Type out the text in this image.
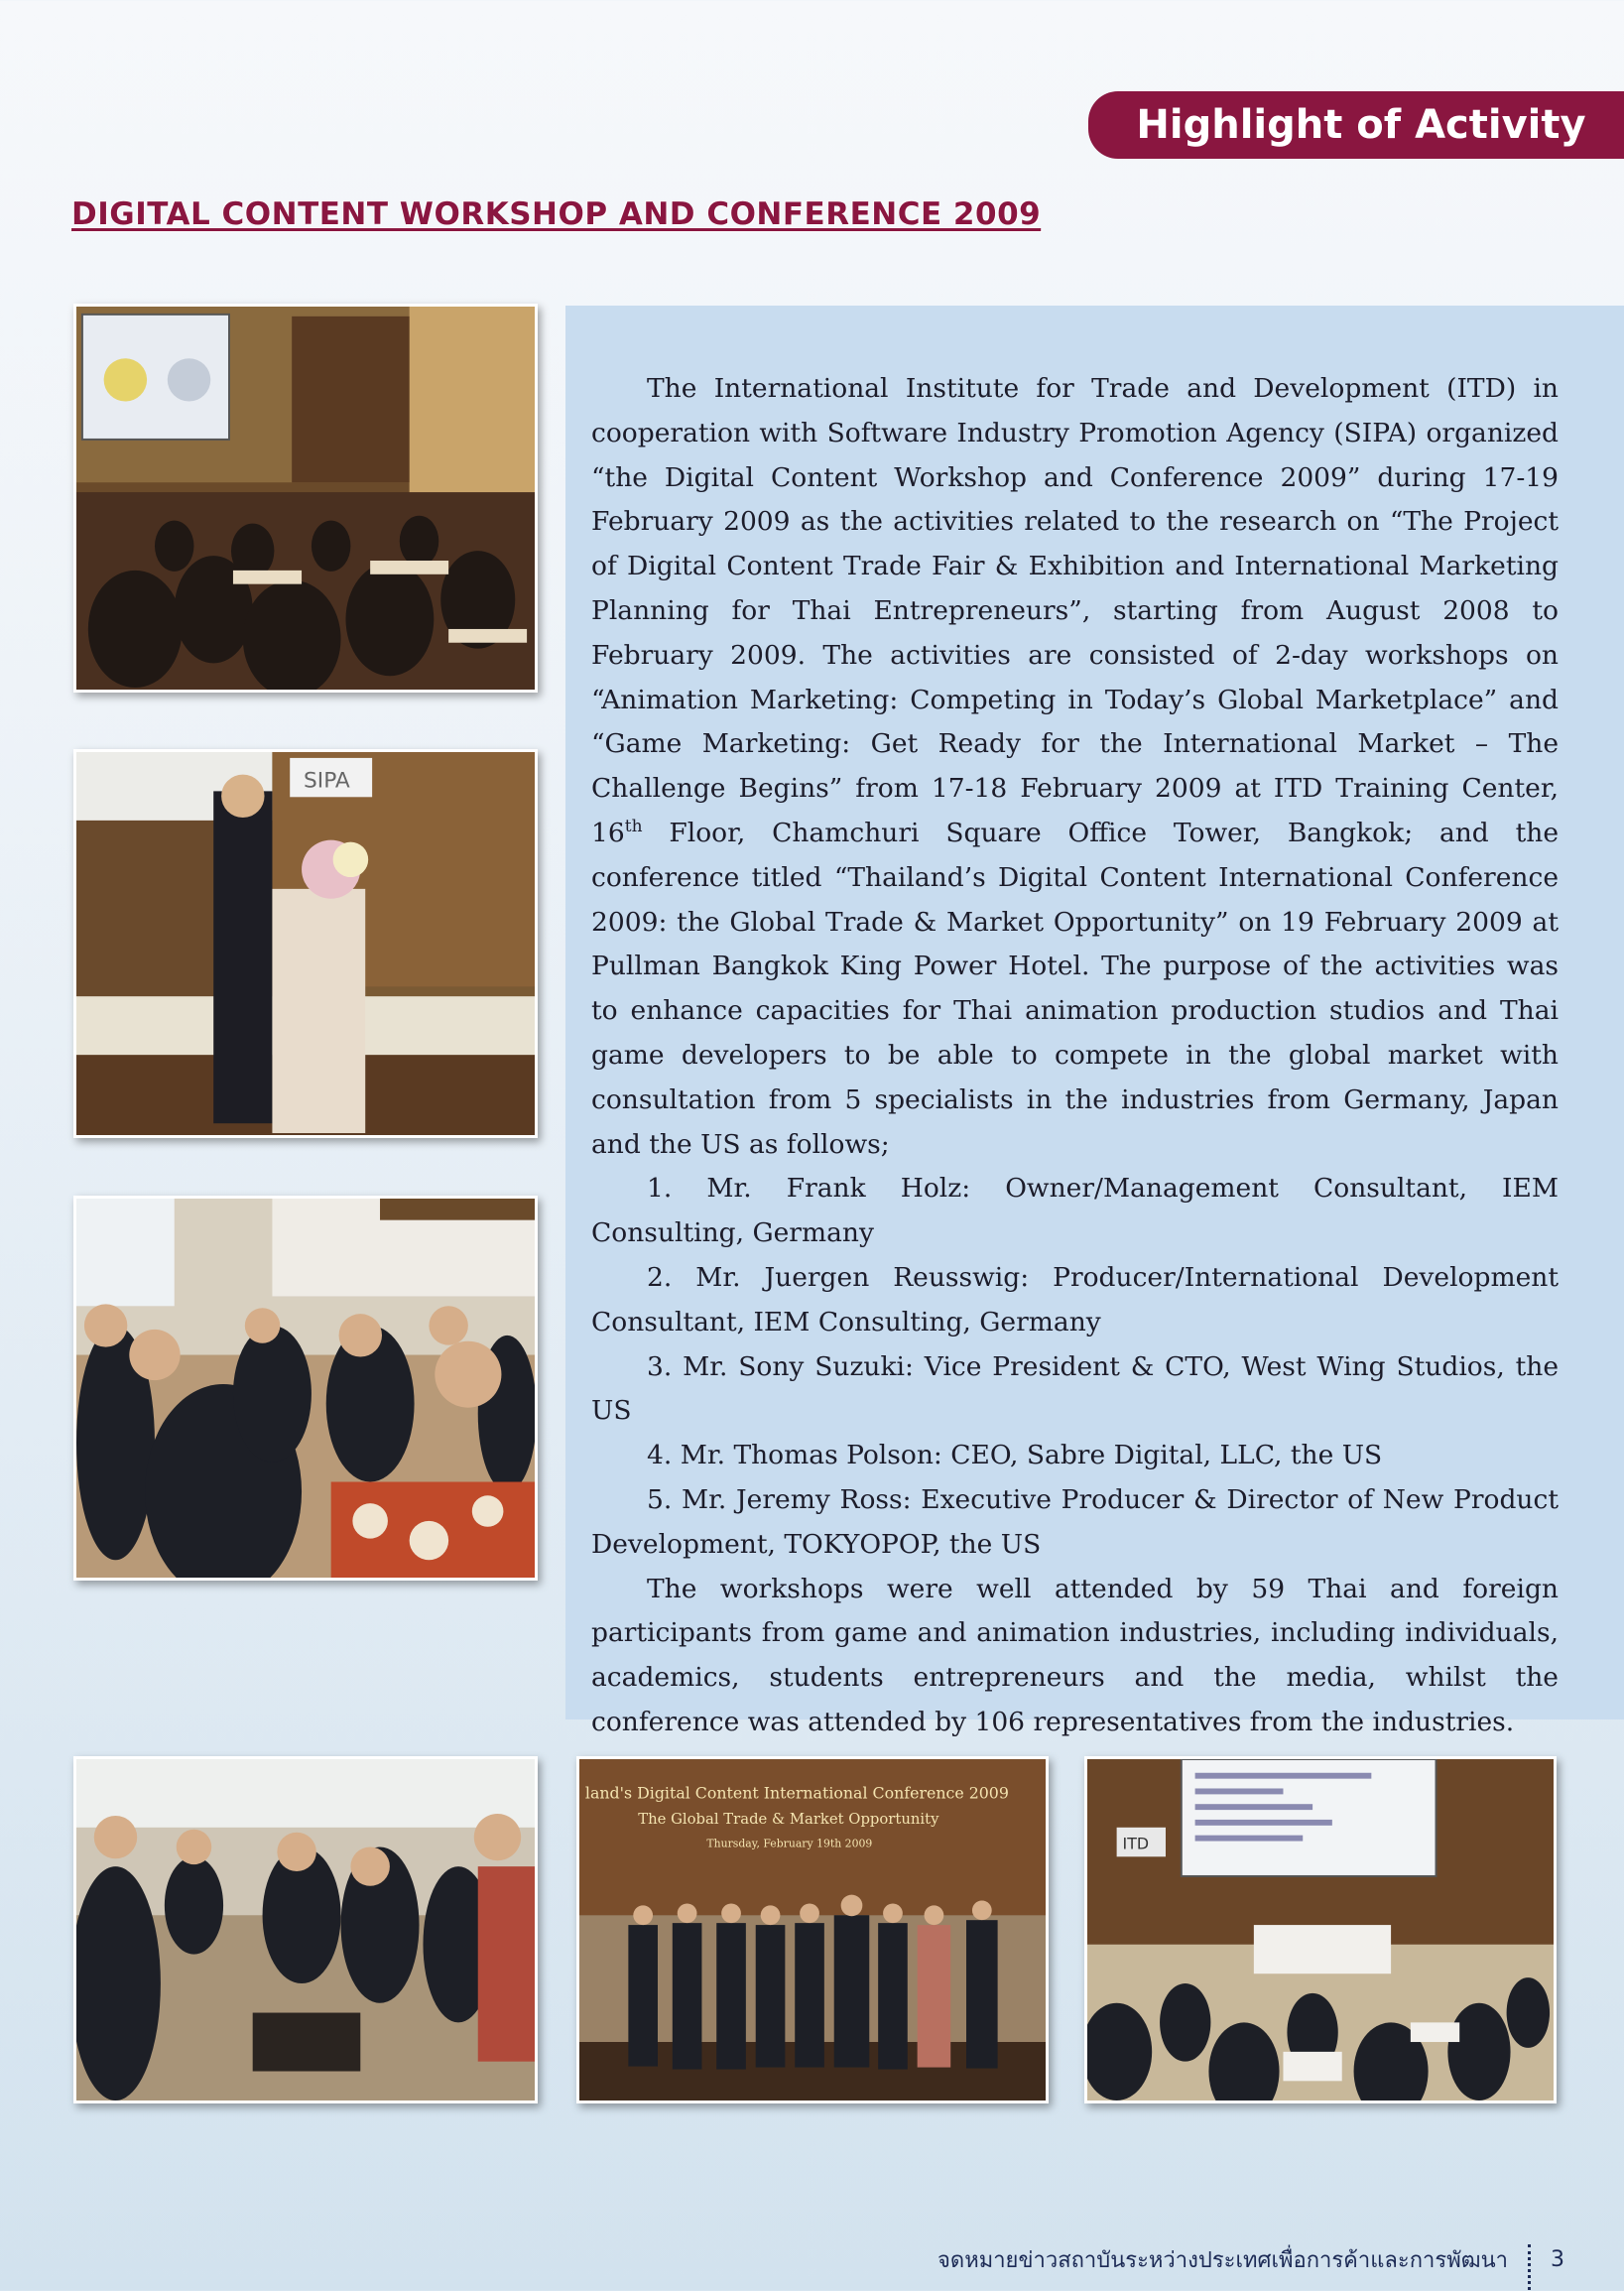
Highlight of Activity
DIGITAL CONTENT WORKSHOP AND CONFERENCE 2009
SIPA

The International Institute for Trade and Development (ITD) in cooperation with Software Industry Promotion Agency (SIPA) organized “the Digital Content Workshop and Conference 2009” during 17-19 February 2009 as the activities related to the research on “The Project of Digital Content Trade Fair & Exhibition and International Marketing Planning for Thai Entrepreneurs”, starting from August 2008 to February 2009. The activities are consisted of 2-day workshops on “Animation Marketing: Competing in Today’s Global Marketplace” and “Game Marketing: Get Ready for the International Market – The Challenge Begins” from 17-18 February 2009 at ITD Training Center, 16th Floor, Chamchuri Square Office Tower, Bangkok; and the conference titled “Thailand’s Digital Content International Conference 2009: the Global Trade & Market Opportunity” on 19 February 2009 at Pullman Bangkok King Power Hotel. The purpose of the activities was to enhance capacities for Thai animation production studios and Thai game developers to be able to compete in the global market with consultation from 5 specialists in the industries from Germany, Japan and the US as follows;

1. Mr. Frank Holz: Owner/Management Consultant, IEM Consulting, Germany

2. Mr. Juergen Reusswig: Producer/International Development Consultant, IEM Consulting, Germany

3. Mr. Sony Suzuki: Vice President & CTO, West Wing Studios, the US

4. Mr. Thomas Polson: CEO, Sabre Digital, LLC, the US

5. Mr. Jeremy Ross: Executive Producer & Director of New Product Development, TOKYOPOP, the US

The workshops were well attended by 59 Thai and foreign participants from game and animation industries, including individuals, academics, students entrepreneurs and the media, whilst the conference was attended by 106 representatives from the industries.

land's Digital Content International Conference 2009
The Global Trade & Market Opportunity
Thursday, February 19th 2009	ITD
จดหมายข่าวสถาบันระหว่างประเทศเพื่อการค้าและการพัฒนา 3
